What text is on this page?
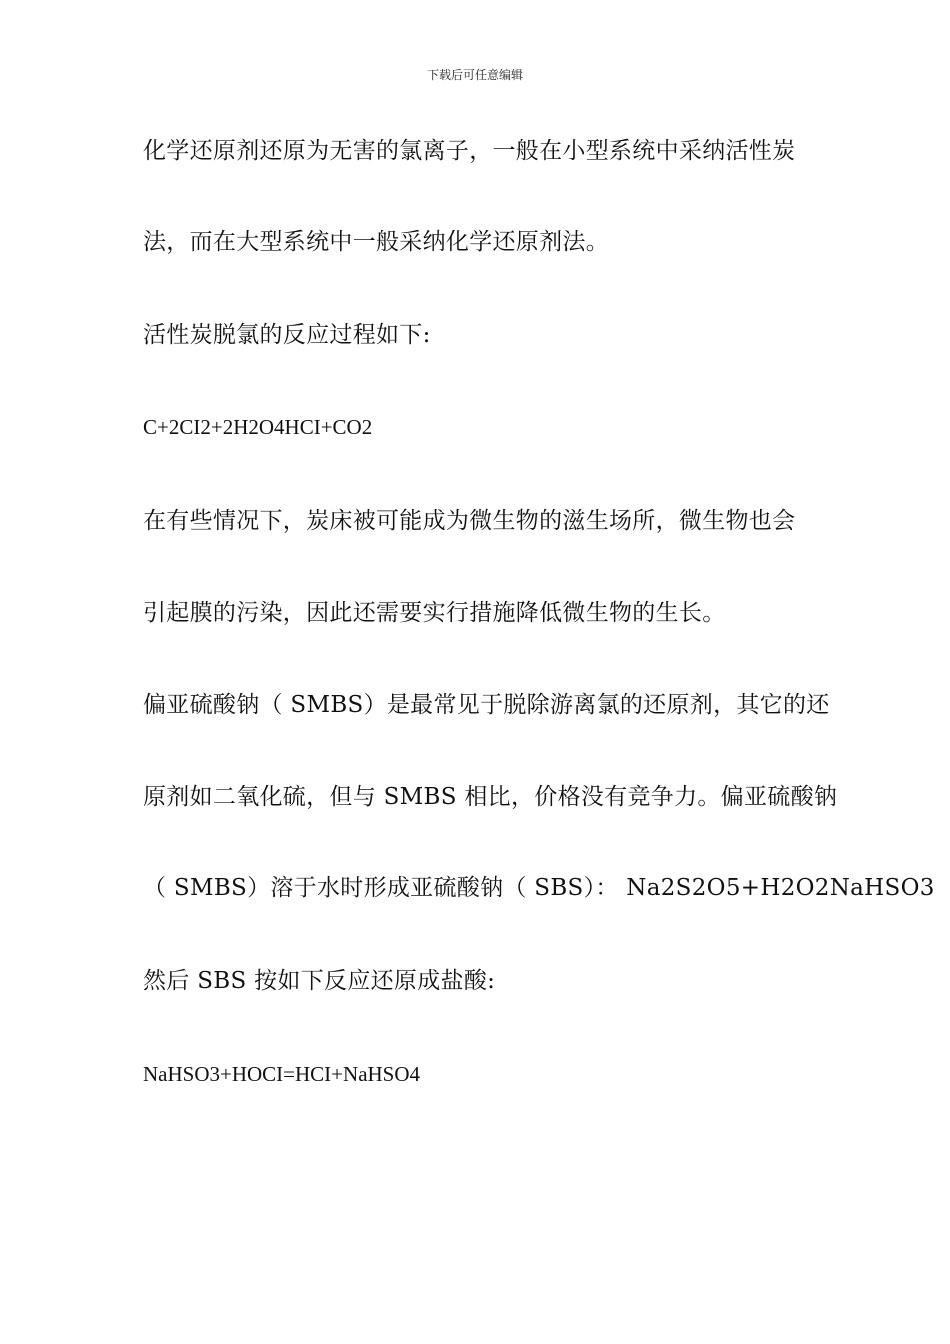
下载后可任意编辑
化学还原剂还原为无害的氯离子，一般在小型系统中采纳活性炭
法，而在大型系统中一般采纳化学还原剂法。
活性炭脱氯的反应过程如下:
C+2CI2+2H2O4HCI+CO2
在有些情况下，炭床被可能成为微生物的滋生场所，微生物也会
引起膜的污染，因此还需要实行措施降低微生物的生长。
偏亚硫酸钠（ SMBS）是最常见于脱除游离氯的还原剂，其它的还
原剂如二氧化硫，但与 SMBS 相比，价格没有竞争力。偏亚硫酸钠
（ SMBS）溶于水时形成亚硫酸钠（ SBS）： Na2S2O5+H2O2NaHSO3
然后 SBS 按如下反应还原成盐酸:
NaHSO3+HOCI=HCI+NaHSO4
